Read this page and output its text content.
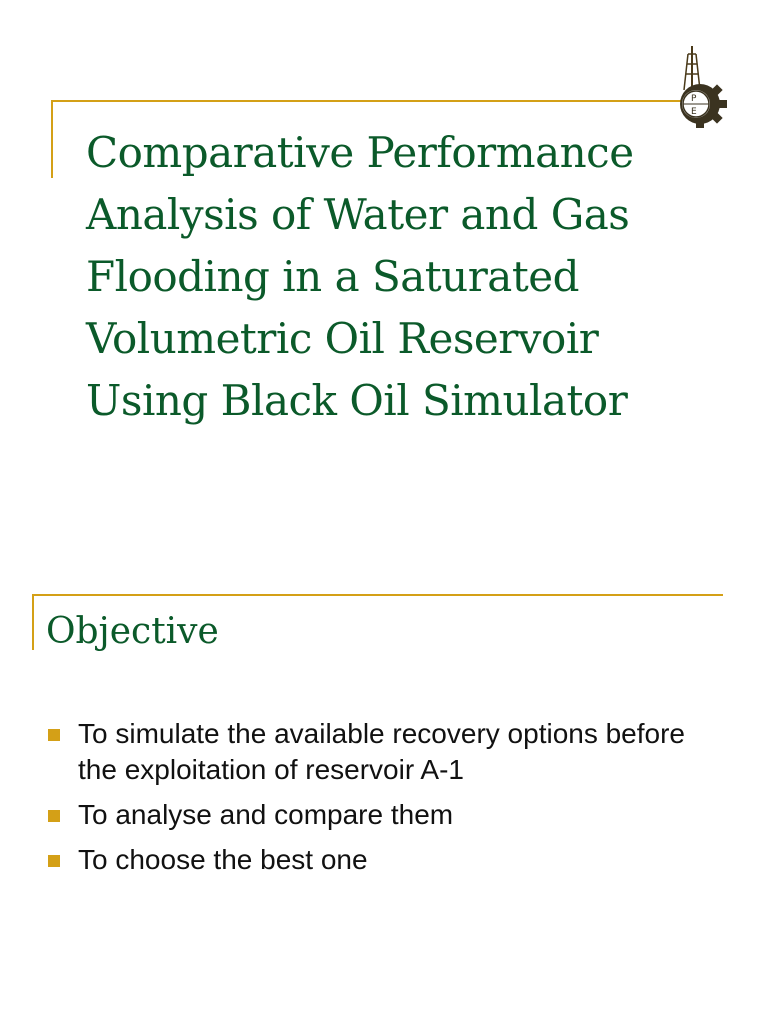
Comparative Performance
Analysis of Water and Gas
Flooding in a Saturated
Volumetric Oil Reservoir
Using Black Oil Simulator
P
E
Objective
To simulate the available recovery options before the exploitation of reservoir A-1
To analyse and compare them
To choose the best one
